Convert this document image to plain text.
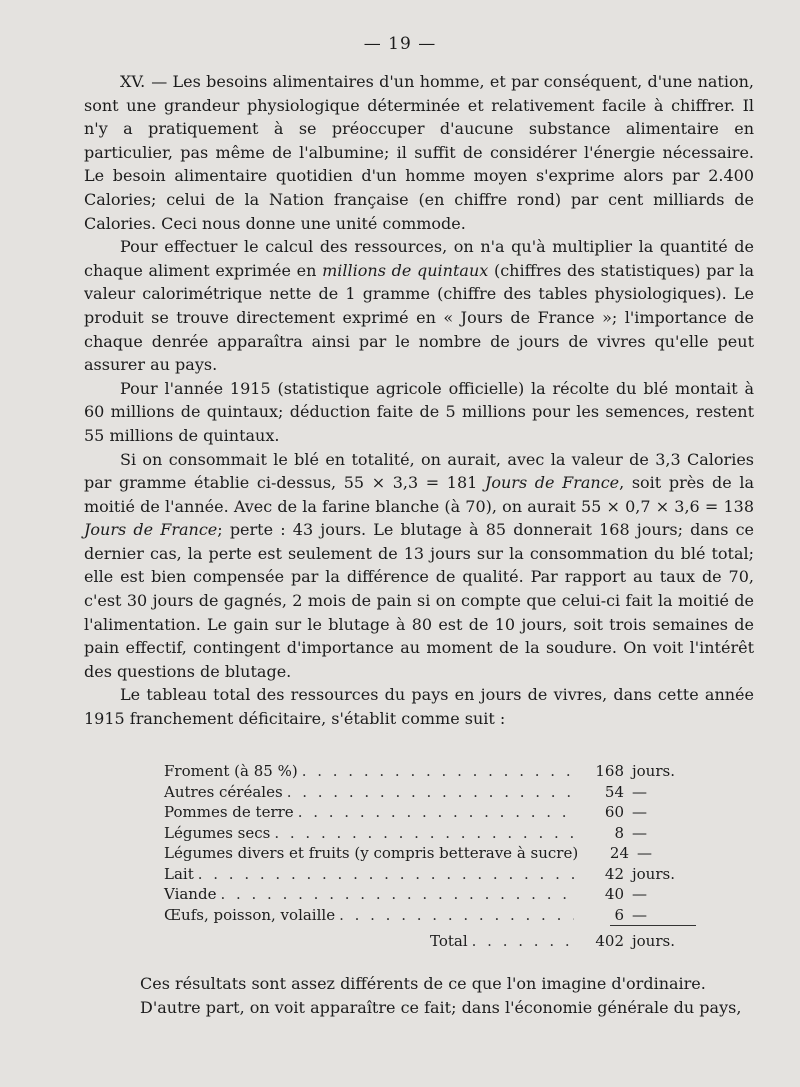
— 19 —

XV. — Les besoins alimentaires d'un homme, et par conséquent, d'une nation, sont une grandeur physiologique déterminée et relativement facile à chiffrer. Il n'y a pratiquement à se préoccuper d'aucune substance alimentaire en particulier, pas même de l'albumine; il suffit de considérer l'énergie nécessaire. Le besoin alimentaire quotidien d'un homme moyen s'exprime alors par 2.400 Calories; celui de la Nation française (en chiffre rond) par cent milliards de Calories. Ceci nous donne une unité commode.

Pour effectuer le calcul des ressources, on n'a qu'à multiplier la quantité de chaque aliment exprimée en millions de quintaux (chiffres des statistiques) par la valeur calorimétrique nette de 1 gramme (chiffre des tables physiologiques). Le produit se trouve directement exprimé en « Jours de France »; l'importance de chaque denrée apparaîtra ainsi par le nombre de jours de vivres qu'elle peut assurer au pays.

Pour l'année 1915 (statistique agricole officielle) la récolte du blé montait à 60 millions de quintaux; déduction faite de 5 millions pour les semences, restent 55 millions de quintaux.

Si on consommait le blé en totalité, on aurait, avec la valeur de 3,3 Calories par gramme établie ci-dessus, 55 × 3,3 = 181 Jours de France, soit près de la moitié de l'année. Avec de la farine blanche (à 70), on aurait 55 × 0,7 × 3,6 = 138 Jours de France; perte : 43 jours. Le blutage à 85 donnerait 168 jours; dans ce dernier cas, la perte est seulement de 13 jours sur la consommation du blé total; elle est bien compensée par la différence de qualité. Par rapport au taux de 70, c'est 30 jours de gagnés, 2 mois de pain si on compte que celui-ci fait la moitié de l'alimentation. Le gain sur le blutage à 80 est de 10 jours, soit trois semaines de pain effectif, contingent d'importance au moment de la soudure. On voit l'intérêt des questions de blutage.

Le tableau total des ressources du pays en jours de vivres, dans cette année 1915 franchement déficitaire, s'établit comme suit :

Froment (à 85 %) . . .	168 jours.
Autres céréales . . .	54 —
Pommes de terre . . .	60 —
Légumes secs . . .	8 —
Légumes divers et fruits (y compris betterave à sucre)	24 —
Lait . . .	42 jours.
Viande . . .	40 —
Œufs, poisson, volaille . . .	6 —
Total . . .	402 jours.

Ces résultats sont assez différents de ce que l'on imagine d'ordinaire.

D'autre part, on voit apparaître ce fait; dans l'économie générale du pays,
